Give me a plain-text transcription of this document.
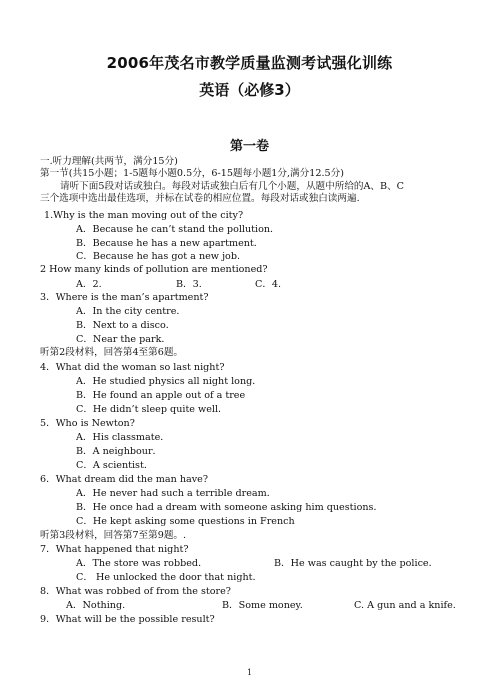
2006年茂名市教学质量监测考试强化训练
英语（必修3）
第一卷
一.听力理解(共两节，满分15分)
第一节(共15小题；1-5题每小题0.5分，6-15题每小题1分,满分12.5分)
请听下面5段对话或独白。每段对话或独白后有几个小题，从题中所给的A、B、C
三个选项中选出最佳选项，并标在试卷的相应位置。每段对话或独白读两遍.
1.Why is the man moving out of the city?
A．Because he can’t stand the pollution．
B．Because he has a new apartment．
C．Because he has got a new job.
2 How many kinds of pollution are mentioned?
A．2.	B．3.	C．4.
3．Where is the man’s apartment?
A．In the city centre．
B．Next to a disco．
C．Near the park．
听第2段材料，回答第4至第6题。
4．What did the woman so last night?
A．He studied physics all night long．
B．He found an apple out of a tree
C．He didn’t sleep quite well．
5．Who is Newton?
A．His classmate．
B．A neighbour．
C．A scientist．
6．What dream did the man have?
A．He never had such a terrible dream．
B．He once had a dream with someone asking him questions．
C．He kept asking some questions in French
听第3段材料，回答第7至第9题。.
7．What happened that night?
A．The store was robbed．	B．He was caught by the police．
C． He unlocked the door that night.
8．What was robbed of from the store?
A．Nothing.	B．Some money.	C. A gun and a knife.
9．What will be the possible result?
1
